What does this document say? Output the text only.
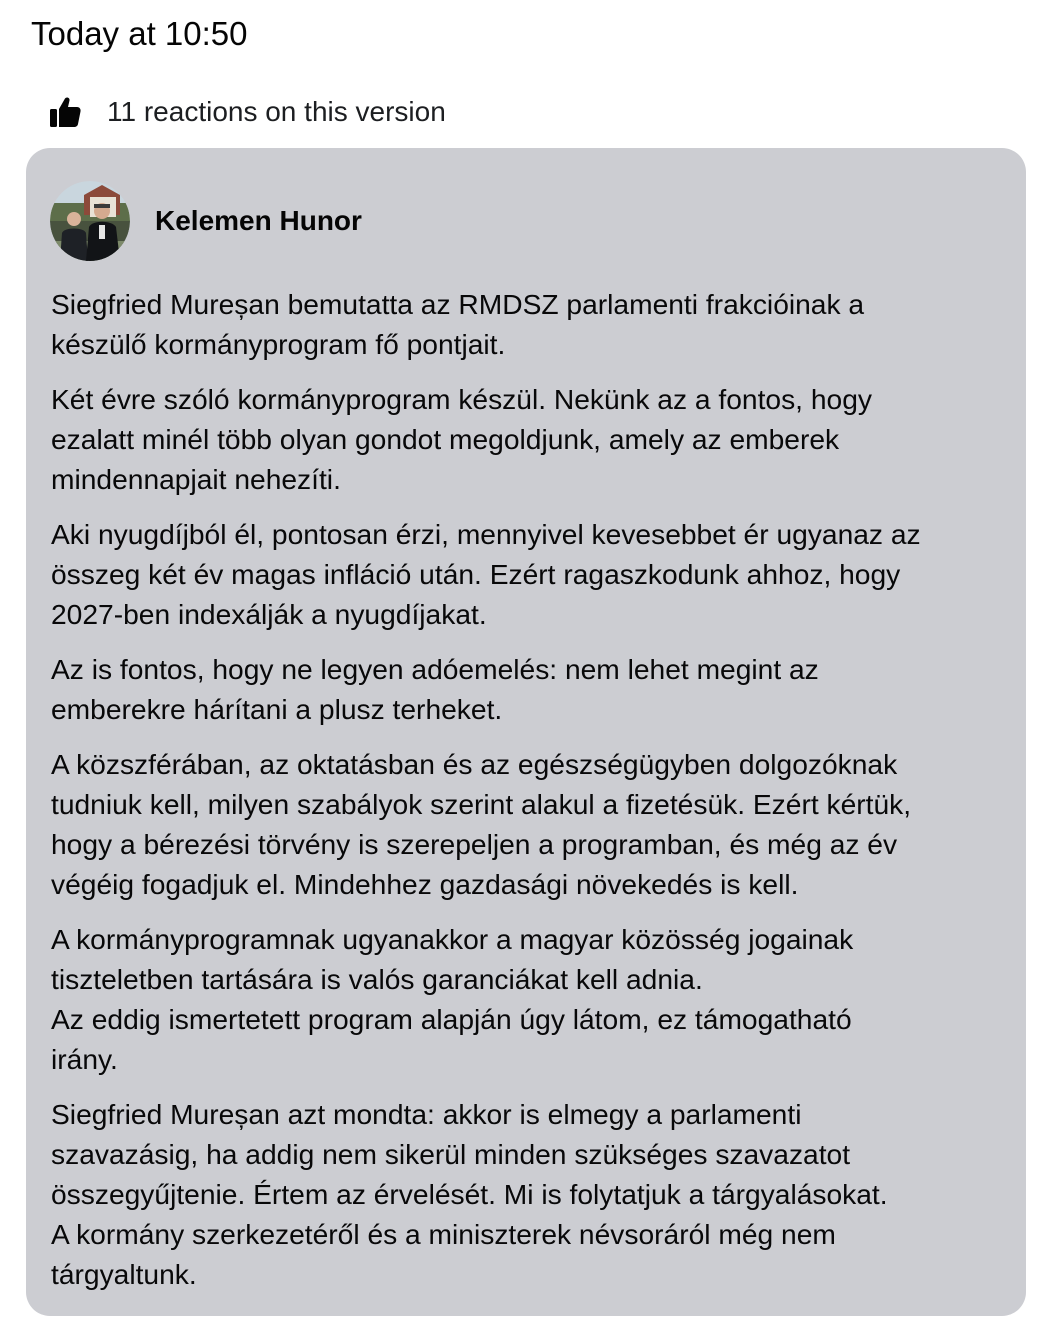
Today at 10:50
11 reactions on this version
Kelemen Hunor

Siegfried Mureșan bemutatta az RMDSZ parlamenti frakcióinak a
készülő kormányprogram fő pontjait.

Két évre szóló kormányprogram készül. Nekünk az a fontos, hogy
ezalatt minél több olyan gondot megoldjunk, amely az emberek
mindennapjait nehezíti.

Aki nyugdíjból él, pontosan érzi, mennyivel kevesebbet ér ugyanaz az
összeg két év magas infláció után. Ezért ragaszkodunk ahhoz, hogy
2027-ben indexálják a nyugdíjakat.

Az is fontos, hogy ne legyen adóemelés: nem lehet megint az
emberekre hárítani a plusz terheket.

A közszférában, az oktatásban és az egészségügyben dolgozóknak
tudniuk kell, milyen szabályok szerint alakul a fizetésük. Ezért kértük,
hogy a bérezési törvény is szerepeljen a programban, és még az év
végéig fogadjuk el. Mindehhez gazdasági növekedés is kell.

A kormányprogramnak ugyanakkor a magyar közösség jogainak
tiszteletben tartására is valós garanciákat kell adnia.
Az eddig ismertetett program alapján úgy látom, ez támogatható
irány.

Siegfried Mureșan azt mondta: akkor is elmegy a parlamenti
szavazásig, ha addig nem sikerül minden szükséges szavazatot
összegyűjtenie. Értem az érvelését. Mi is folytatjuk a tárgyalásokat.
A kormány szerkezetéről és a miniszterek névsoráról még nem
tárgyaltunk.
